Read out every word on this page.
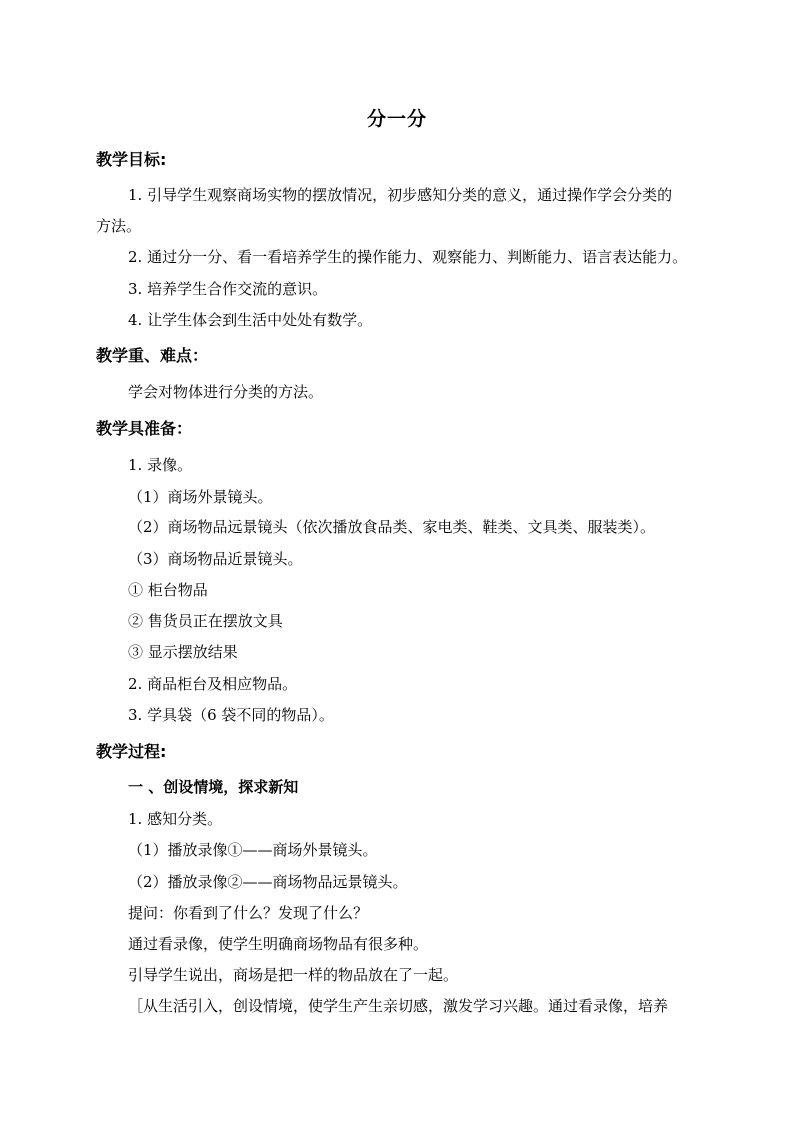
分一分
教学目标:
1. 引导学生观察商场实物的摆放情况，初步感知分类的意义，通过操作学会分类的
方法。
2. 通过分一分、看一看培养学生的操作能力、观察能力、判断能力、语言表达能力。
3. 培养学生合作交流的意识。
4. 让学生体会到生活中处处有数学。
教学重、难点：
学会对物体进行分类的方法。
教学具准备：
1. 录像。
（1）商场外景镜头。
（2）商场物品远景镜头（依次播放食品类、家电类、鞋类、文具类、服装类）。
（3）商场物品近景镜头。
① 柜台物品
② 售货员正在摆放文具
③ 显示摆放结果
2. 商品柜台及相应物品。
3. 学具袋（6 袋不同的物品）。
教学过程:
一 、创设情境，探求新知
1. 感知分类。
（1）播放录像①——商场外景镜头。
（2）播放录像②——商场物品远景镜头。
提问：你看到了什么？发现了什么？
通过看录像，使学生明确商场物品有很多种。
引导学生说出，商场是把一样的物品放在了一起。
［从生活引入，创设情境，使学生产生亲切感，激发学习兴趣。通过看录像，培养
